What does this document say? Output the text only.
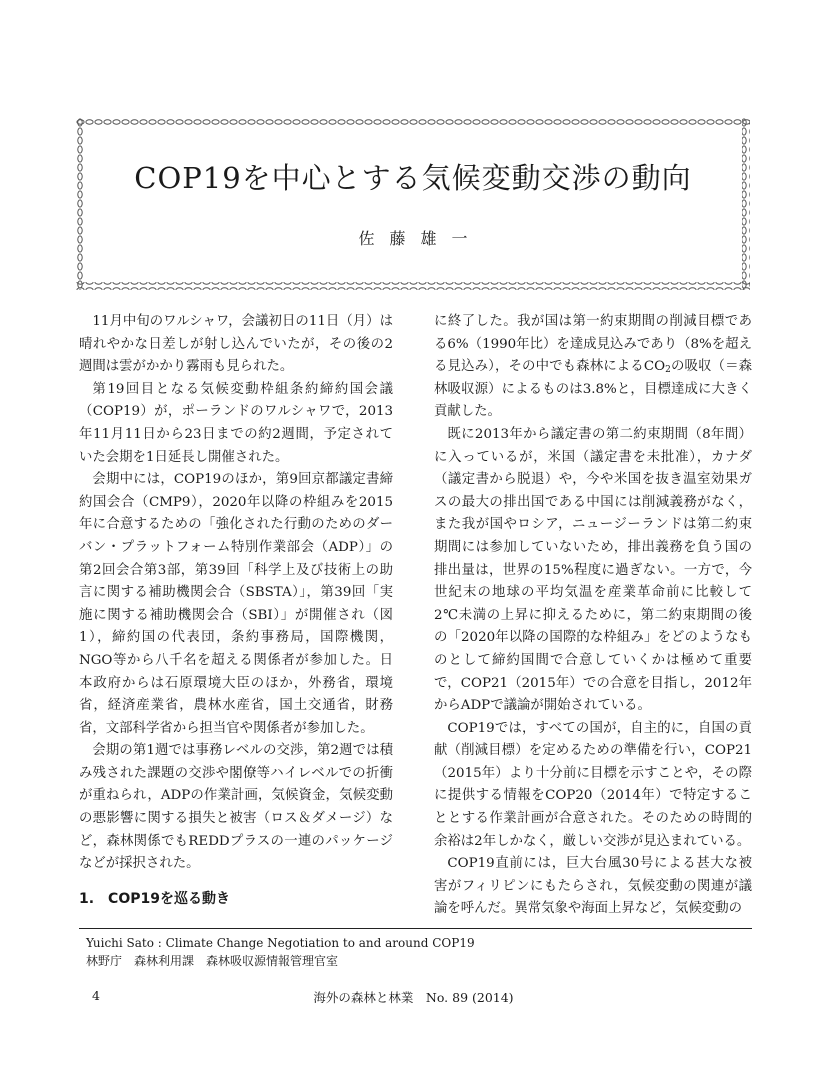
COP19を中心とする気候変動交渉の動向
佐藤雄一

11月中旬のワルシャワ，会議初日の11日（月）は晴れやかな日差しが射し込んでいたが，その後の2週間は雲がかかり霧雨も見られた。

第19回目となる気候変動枠組条約締約国会議（COP19）が，ポーランドのワルシャワで，2013年11月11日から23日までの約2週間，予定されていた会期を1日延長し開催された。

会期中には，COP19のほか，第9回京都議定書締約国会合（CMP9），2020年以降の枠組みを2015年に合意するための「強化された行動のためのダーバン・プラットフォーム特別作業部会（ADP）」の第2回会合第3部，第39回「科学上及び技術上の助言に関する補助機関会合（SBSTA）」，第39回「実施に関する補助機関会合（SBI）」が開催され（図1），締約国の代表団，条約事務局，国際機関，NGO等から八千名を超える関係者が参加した。日本政府からは石原環境大臣のほか，外務省，環境省，経済産業省，農林水産省，国土交通省，財務省，文部科学省から担当官や関係者が参加した。

会期の第1週では事務レベルの交渉，第2週では積み残された課題の交渉や閣僚等ハイレベルでの折衝が重ねられ，ADPの作業計画，気候資金，気候変動の悪影響に関する損失と被害（ロス＆ダメージ）など，森林関係でもREDDプラスの一連のパッケージなどが採択された。

1.　COP19を巡る動き

に終了した。我が国は第一約束期間の削減目標である6%（1990年比）を達成見込みであり（8%を超える見込み），その中でも森林による$CO_2$の吸収（＝森林吸収源）によるものは3.8%と，目標達成に大きく貢献した。

既に2013年から議定書の第二約束期間（8年間）に入っているが，米国（議定書を未批准），カナダ（議定書から脱退）や，今や米国を抜き温室効果ガスの最大の排出国である中国には削減義務がなく，また我が国やロシア，ニュージーランドは第二約束期間には参加していないため，排出義務を負う国の排出量は，世界の15%程度に過ぎない。一方で，今世紀末の地球の平均気温を産業革命前に比較して2℃未満の上昇に抑えるために，第二約束期間の後の「2020年以降の国際的な枠組み」をどのようなものとして締約国間で合意していくかは極めて重要で，COP21（2015年）での合意を目指し，2012年からADPで議論が開始されている。

COP19では，すべての国が，自主的に，自国の貢献（削減目標）を定めるための準備を行い，COP21（2015年）より十分前に目標を示すことや，その際に提供する情報をCOP20（2014年）で特定することとする作業計画が合意された。そのための時間的余裕は2年しかなく，厳しい交渉が見込まれている。

COP19直前には，巨大台風30号による甚大な被害がフィリピンにもたらされ，気候変動の関連が議論を呼んだ。異常気象や海面上昇など，気候変動の

Yuichi Sato : Climate Change Negotiation to and around COP19
林野庁　森林利用課　森林吸収源情報管理官室
4	海外の森林と林業　No. 89 (2014)
